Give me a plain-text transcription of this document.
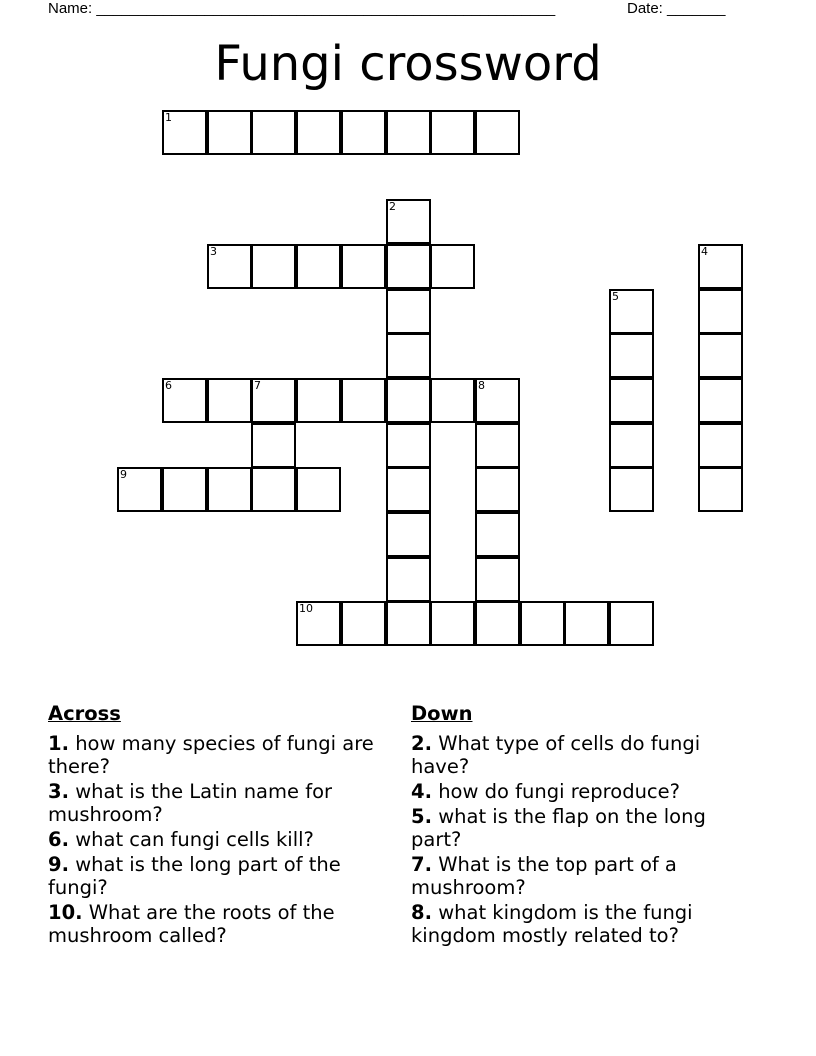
Name: _______________________________________________________	Date: _______
Fungi crossword
1
2
3	4
5
6	7	8
9
10
Across
1. how many species of fungi are there?
3. what is the Latin name for mushroom?
6. what can fungi cells kill?
9. what is the long part of the fungi?
10. What are the roots of the mushroom called?
Down
2. What type of cells do fungi have?
4. how do fungi reproduce?
5. what is the flap on the long part?
7. What is the top part of a mushroom?
8. what kingdom is the fungi kingdom mostly related to?
